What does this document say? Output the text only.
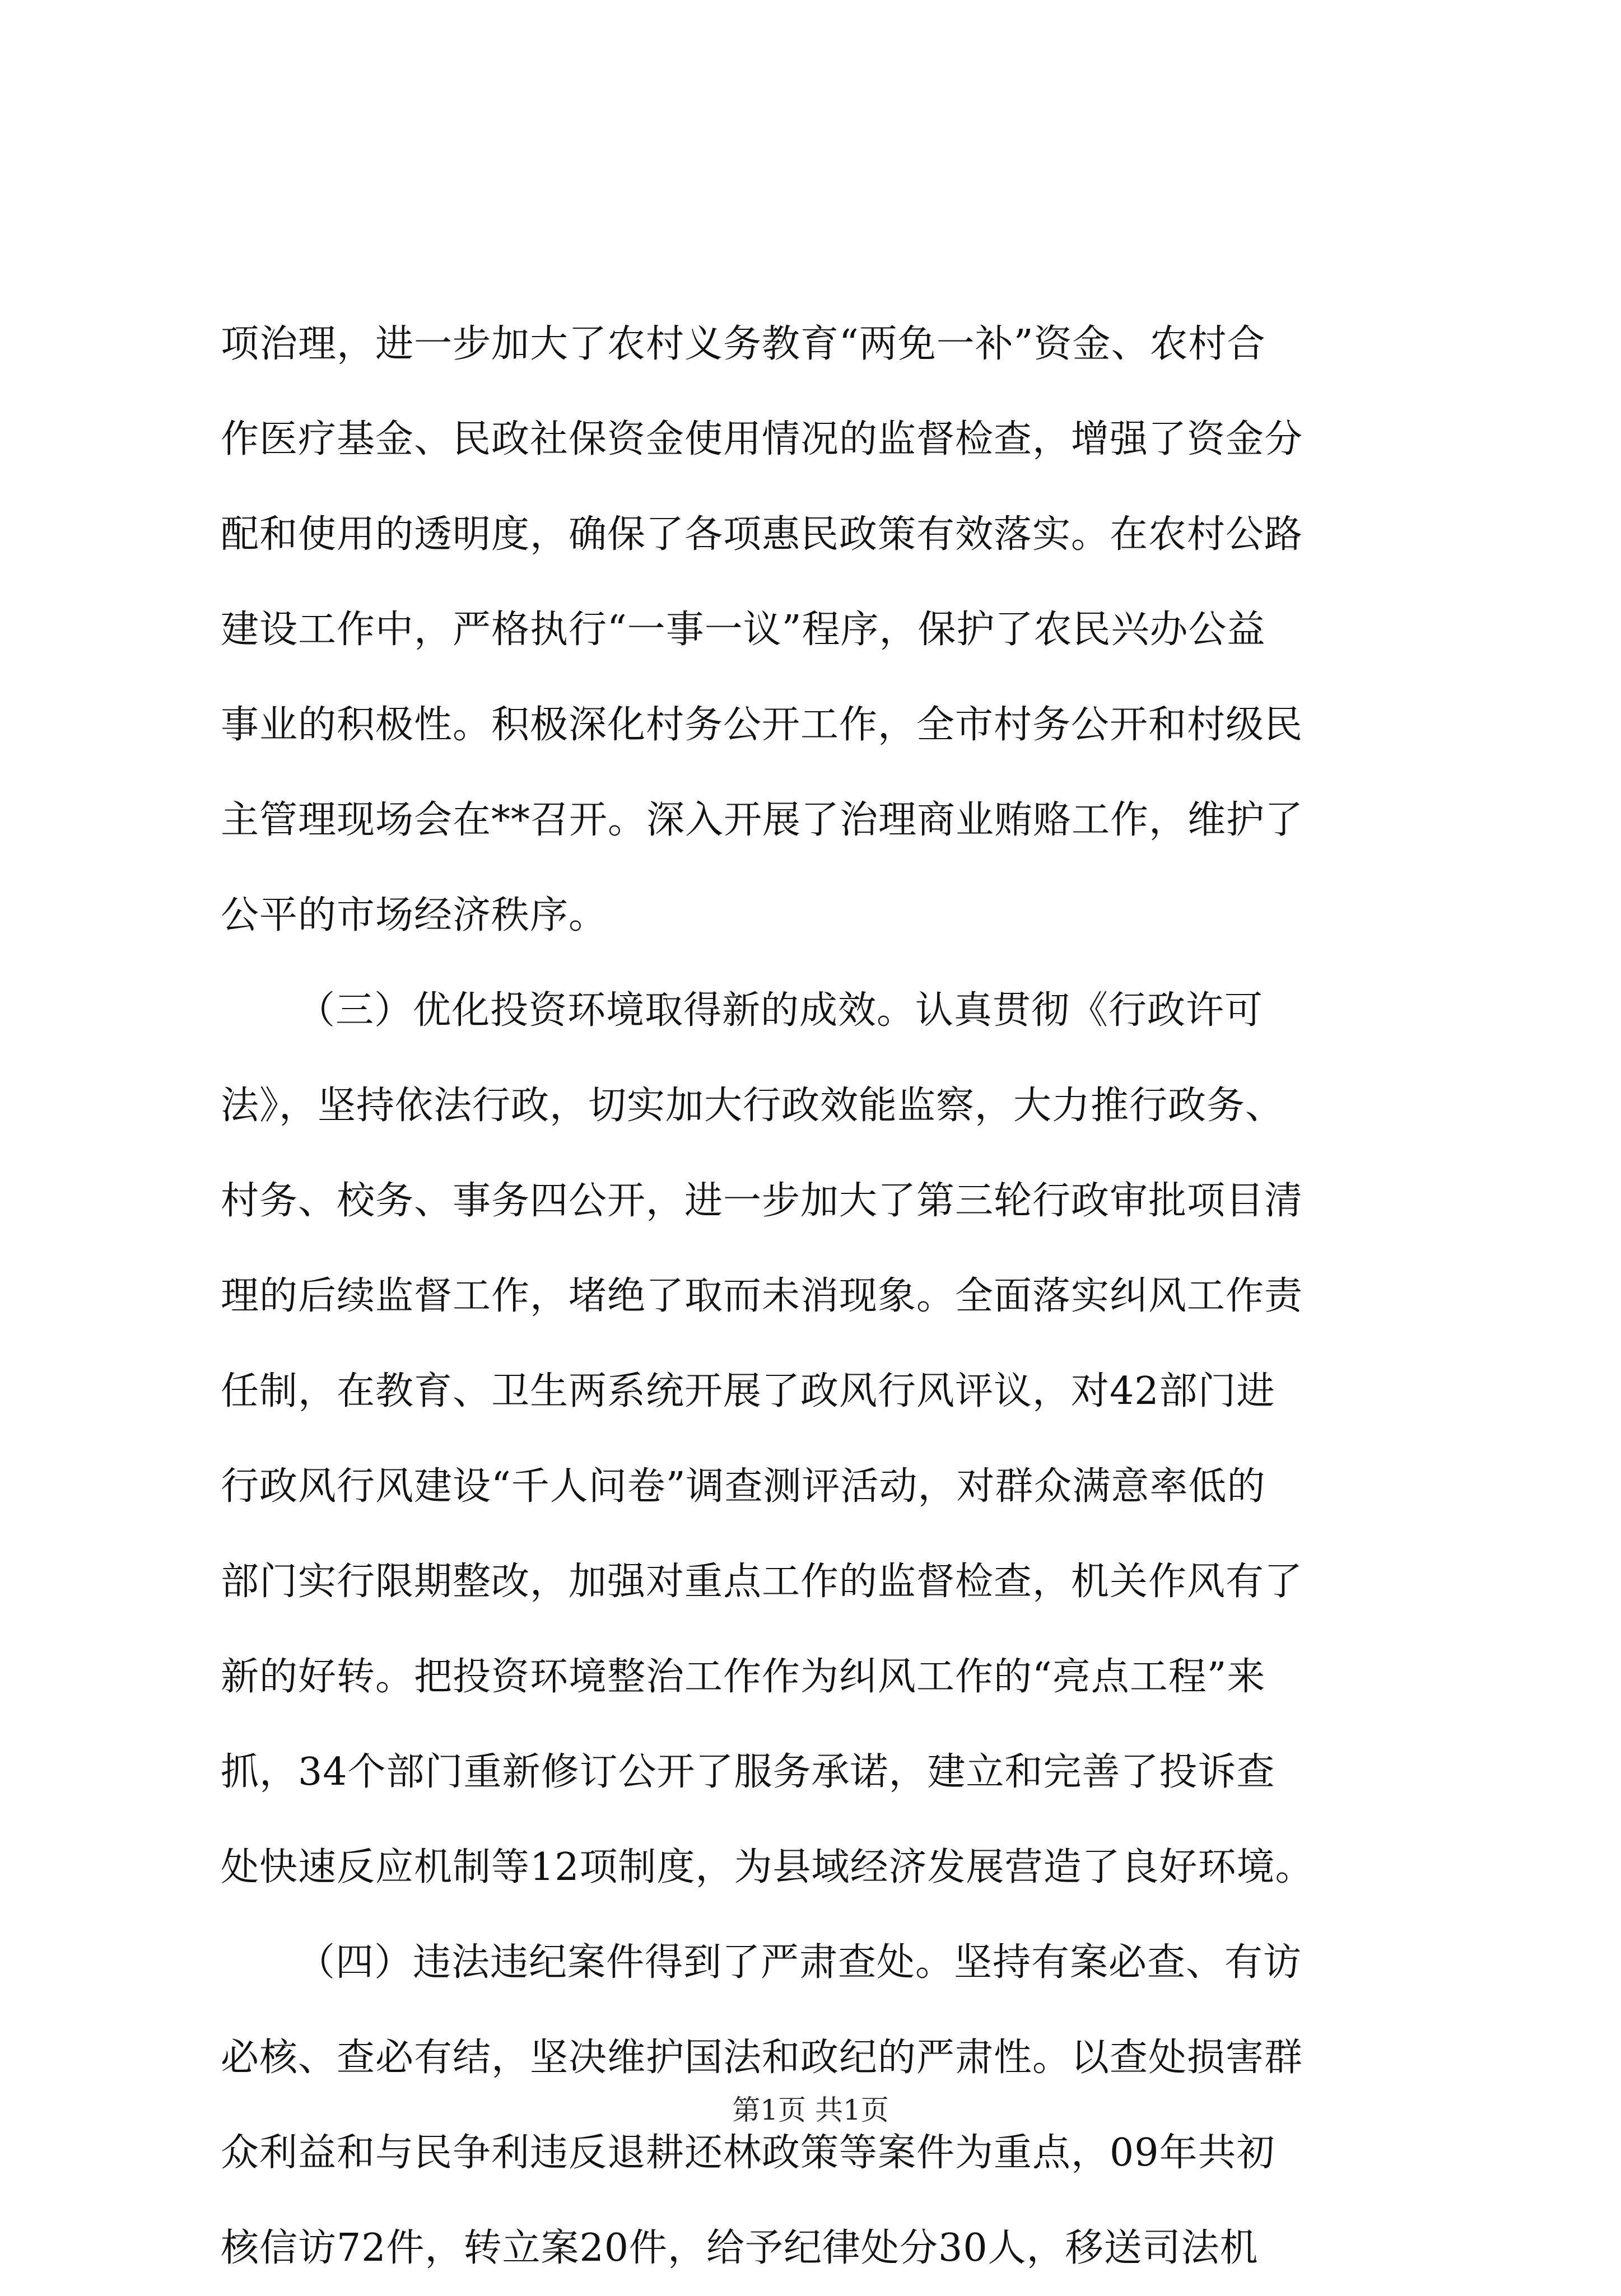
项治理，进一步加大了农村义务教育“两免一补”资金、农村合
作医疗基金、民政社保资金使用情况的监督检查，增强了资金分
配和使用的透明度，确保了各项惠民政策有效落实。在农村公路
建设工作中，严格执行“一事一议”程序，保护了农民兴办公益
事业的积极性。积极深化村务公开工作，全市村务公开和村级民
主管理现场会在**召开。深入开展了治理商业贿赂工作，维护了
公平的市场经济秩序。
（三）优化投资环境取得新的成效。认真贯彻《行政许可
法》，坚持依法行政，切实加大行政效能监察，大力推行政务、
村务、校务、事务四公开，进一步加大了第三轮行政审批项目清
理的后续监督工作，堵绝了取而未消现象。全面落实纠风工作责
任制，在教育、卫生两系统开展了政风行风评议，对42部门进
行政风行风建设“千人问卷”调查测评活动，对群众满意率低的
部门实行限期整改，加强对重点工作的监督检查，机关作风有了
新的好转。把投资环境整治工作作为纠风工作的“亮点工程”来
抓，34个部门重新修订公开了服务承诺，建立和完善了投诉查
处快速反应机制等12项制度，为县域经济发展营造了良好环境。
（四）违法违纪案件得到了严肃查处。坚持有案必查、有访
必核、查必有结，坚决维护国法和政纪的严肃性。以查处损害群
众利益和与民争利违反退耕还林政策等案件为重点，09年共初
核信访72件，转立案20件，给予纪律处分30人，移送司法机
第1页 共1页
